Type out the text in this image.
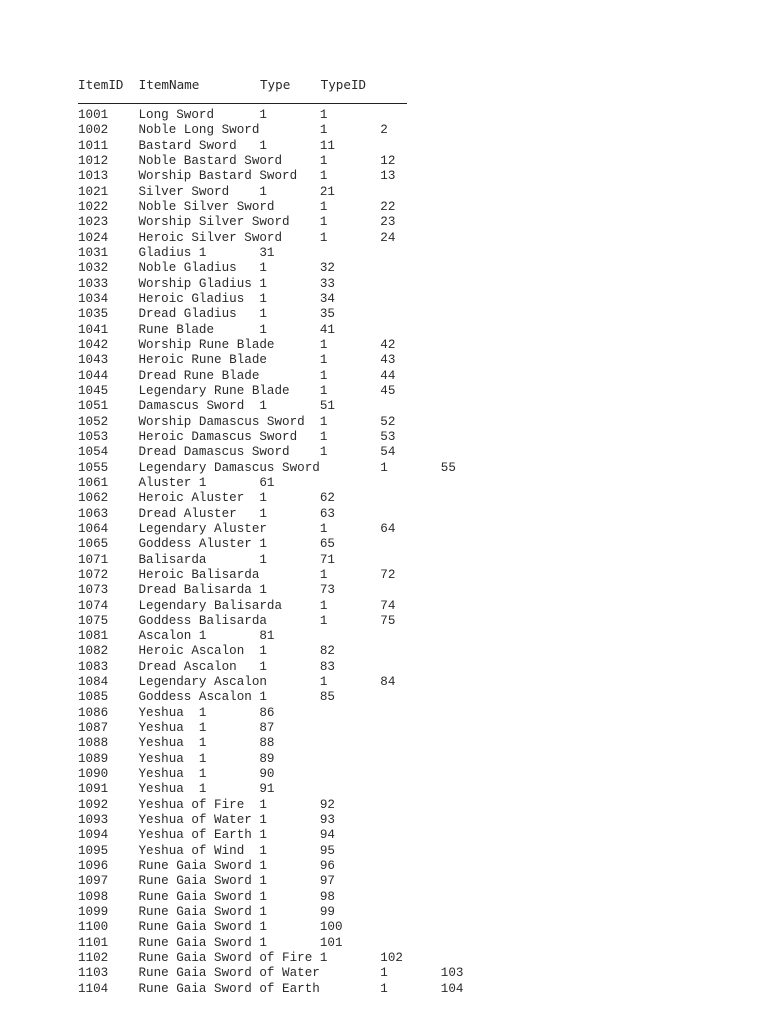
ItemID  ItemName        Type    TypeID
1001    Long Sword      1       1
1002    Noble Long Sword        1       2
1011    Bastard Sword   1       11
1012    Noble Bastard Sword     1       12
1013    Worship Bastard Sword   1       13
1021    Silver Sword    1       21
1022    Noble Silver Sword      1       22
1023    Worship Silver Sword    1       23
1024    Heroic Silver Sword     1       24
1031    Gladius 1       31
1032    Noble Gladius   1       32
1033    Worship Gladius 1       33
1034    Heroic Gladius  1       34
1035    Dread Gladius   1       35
1041    Rune Blade      1       41
1042    Worship Rune Blade      1       42
1043    Heroic Rune Blade       1       43
1044    Dread Rune Blade        1       44
1045    Legendary Rune Blade    1       45
1051    Damascus Sword  1       51
1052    Worship Damascus Sword  1       52
1053    Heroic Damascus Sword   1       53
1054    Dread Damascus Sword    1       54
1055    Legendary Damascus Sword        1       55
1061    Aluster 1       61
1062    Heroic Aluster  1       62
1063    Dread Aluster   1       63
1064    Legendary Aluster       1       64
1065    Goddess Aluster 1       65
1071    Balisarda       1       71
1072    Heroic Balisarda        1       72
1073    Dread Balisarda 1       73
1074    Legendary Balisarda     1       74
1075    Goddess Balisarda       1       75
1081    Ascalon 1       81
1082    Heroic Ascalon  1       82
1083    Dread Ascalon   1       83
1084    Legendary Ascalon       1       84
1085    Goddess Ascalon 1       85
1086    Yeshua  1       86
1087    Yeshua  1       87
1088    Yeshua  1       88
1089    Yeshua  1       89
1090    Yeshua  1       90
1091    Yeshua  1       91
1092    Yeshua of Fire  1       92
1093    Yeshua of Water 1       93
1094    Yeshua of Earth 1       94
1095    Yeshua of Wind  1       95
1096    Rune Gaia Sword 1       96
1097    Rune Gaia Sword 1       97
1098    Rune Gaia Sword 1       98
1099    Rune Gaia Sword 1       99
1100    Rune Gaia Sword 1       100
1101    Rune Gaia Sword 1       101
1102    Rune Gaia Sword of Fire 1       102
1103    Rune Gaia Sword of Water        1       103
1104    Rune Gaia Sword of Earth        1       104
